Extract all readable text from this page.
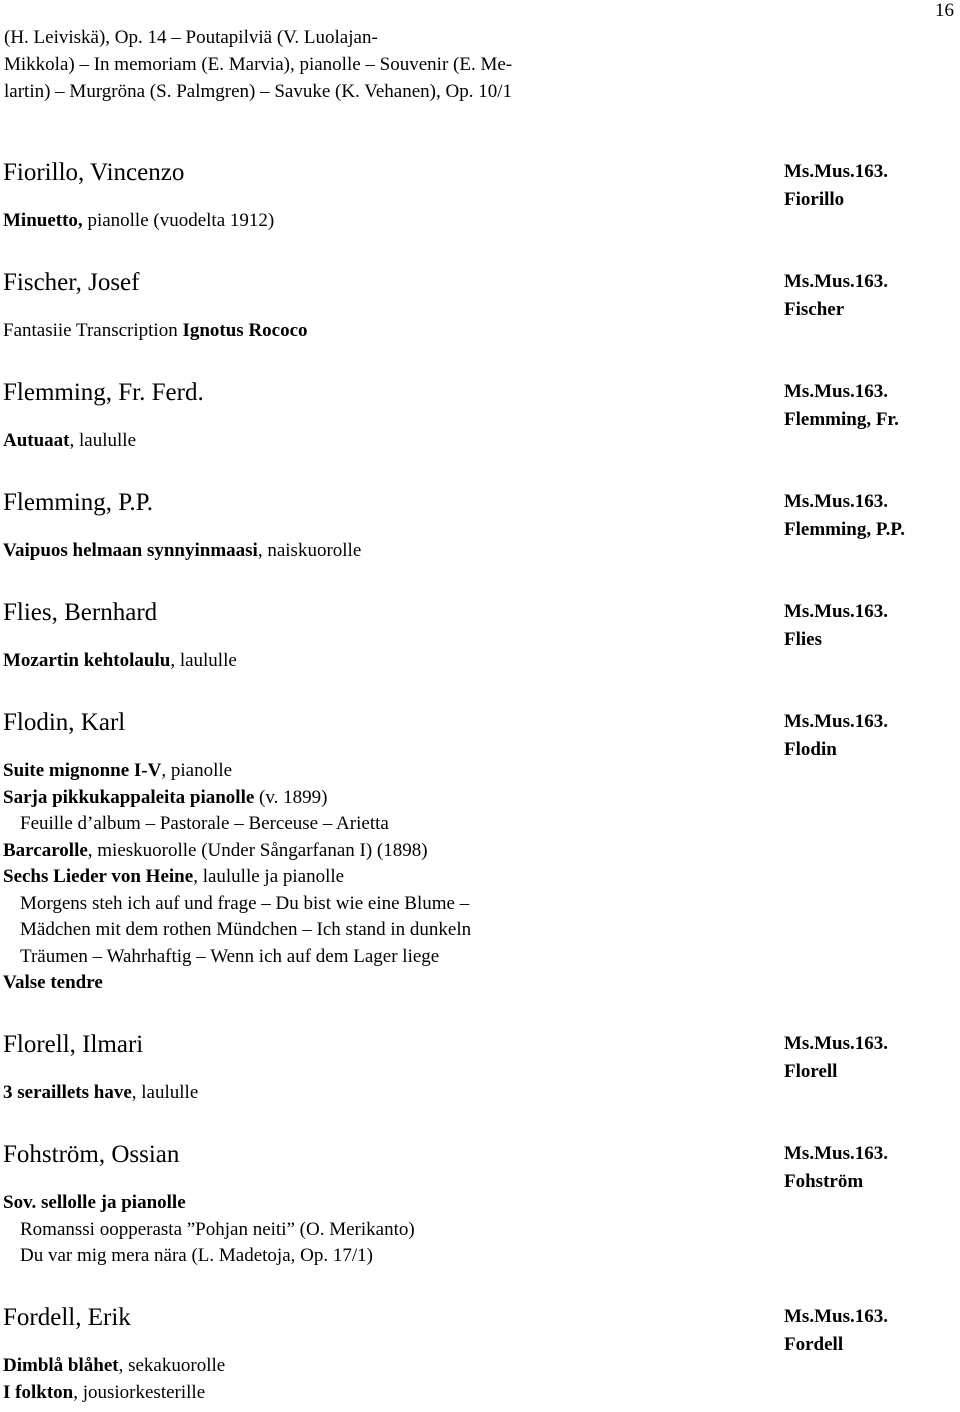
16
(H. Leiviskä), Op. 14 – Poutapilviä (V. Luolajan-
Mikkola) – In memoriam (E. Marvia), pianolle – Souvenir (E. Me-
lartin) – Murgröna (S. Palmgren) – Savuke (K. Vehanen), Op. 10/1
Fiorillo, Vincenzo	Ms.Mus.163.
Fiorillo
Minuetto, pianolle (vuodelta 1912)
Fischer, Josef	Ms.Mus.163.
Fischer
Fantasiie Transcription Ignotus Rococo
Flemming, Fr. Ferd.	Ms.Mus.163.
Flemming, Fr.
Autuaat, laululle
Flemming, P.P.	Ms.Mus.163.
Flemming, P.P.
Vaipuos helmaan synnyinmaasi, naiskuorolle
Flies, Bernhard	Ms.Mus.163.
Flies
Mozartin kehtolaulu, laululle
Flodin, Karl	Ms.Mus.163.
Flodin
Suite mignonne I-V, pianolle
Sarja pikkukappaleita pianolle (v. 1899)
Feuille d’album – Pastorale – Berceuse – Arietta
Barcarolle, mieskuorolle (Under Sångarfanan I) (1898)
Sechs Lieder von Heine, laululle ja pianolle
Morgens steh ich auf und frage – Du bist wie eine Blume –
Mädchen mit dem rothen Mündchen – Ich stand in dunkeln
Träumen – Wahrhaftig – Wenn ich auf dem Lager liege
Valse tendre
Florell, Ilmari	Ms.Mus.163.
Florell
3 seraillets have, laululle
Fohström, Ossian	Ms.Mus.163.
Fohström
Sov. sellolle ja pianolle
Romanssi oopperasta ”Pohjan neiti” (O. Merikanto)
Du var mig mera nära (L. Madetoja, Op. 17/1)
Fordell, Erik	Ms.Mus.163.
Fordell
Dimblå blåhet, sekakuorolle
I folkton, jousiorkesterille
